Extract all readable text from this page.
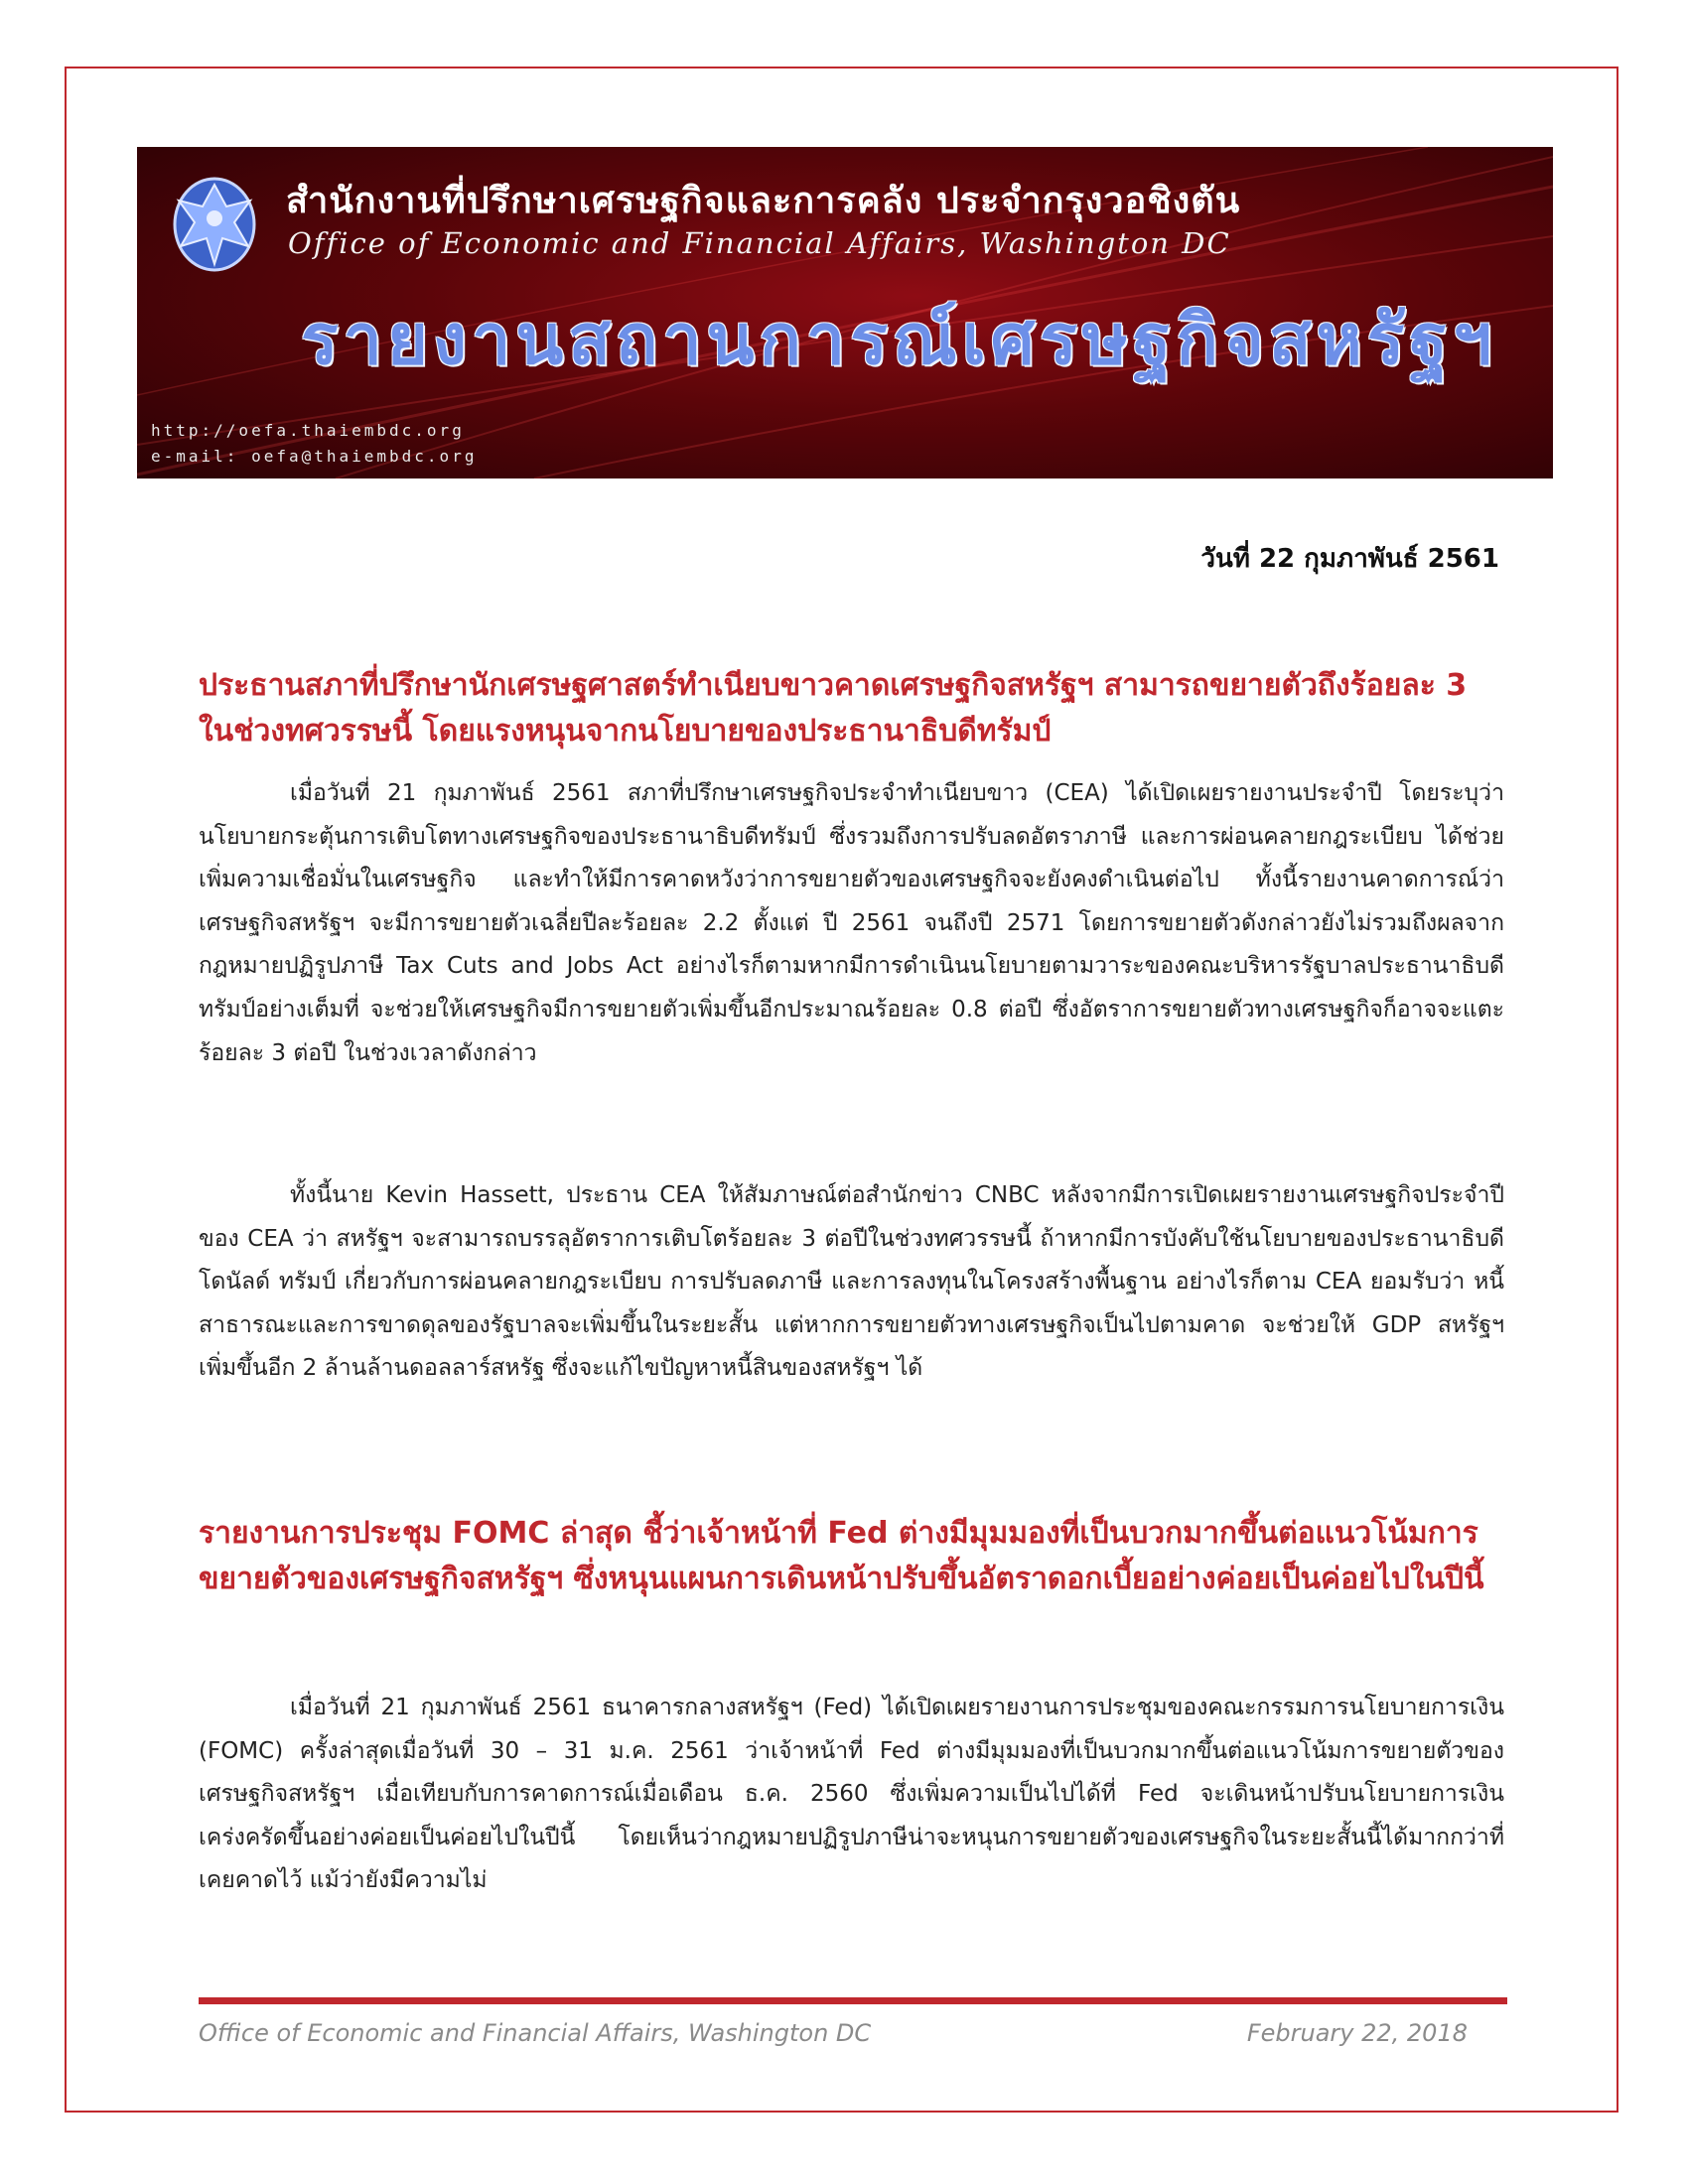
สำนักงานที่ปรึกษาเศรษฐกิจและการคลัง ประจำกรุงวอชิงตัน
Office of Economic and Financial Affairs, Washington DC
รายงานสถานการณ์เศรษฐกิจสหรัฐฯ
http://oefa.thaiembdc.org
e-mail: oefa@thaiembdc.org
วันที่ 22 กุมภาพันธ์ 2561
ประธานสภาที่ปรึกษานักเศรษฐศาสตร์ทำเนียบขาวคาดเศรษฐกิจสหรัฐฯ สามารถขยายตัวถึงร้อยละ 3 ในช่วงทศวรรษนี้ โดยแรงหนุนจากนโยบายของประธานาธิบดีทรัมป์
เมื่อวันที่ 21 กุมภาพันธ์ 2561 สภาที่ปรึกษาเศรษฐกิจประจำทำเนียบขาว (CEA) ได้เปิดเผยรายงานประจำปี โดยระบุว่า นโยบายกระตุ้นการเติบโตทางเศรษฐกิจของประธานาธิบดีทรัมป์ ซึ่งรวมถึงการปรับลดอัตราภาษี และการผ่อนคลายกฎระเบียบ ได้ช่วยเพิ่มความเชื่อมั่นในเศรษฐกิจ และทำให้มีการคาดหวังว่าการขยายตัวของเศรษฐกิจจะยังคงดำเนินต่อไป ทั้งนี้รายงานคาดการณ์ว่า เศรษฐกิจสหรัฐฯ จะมีการขยายตัวเฉลี่ยปีละร้อยละ 2.2 ตั้งแต่ ปี 2561 จนถึงปี 2571 โดยการขยายตัวดังกล่าวยังไม่รวมถึงผลจากกฎหมายปฏิรูปภาษี Tax Cuts and Jobs Act อย่างไรก็ตามหากมีการดำเนินนโยบายตามวาระของคณะบริหารรัฐบาลประธานาธิบดีทรัมป์อย่างเต็มที่ จะช่วยให้เศรษฐกิจมีการขยายตัวเพิ่มขึ้นอีกประมาณร้อยละ 0.8 ต่อปี ซึ่งอัตราการขยายตัวทางเศรษฐกิจก็อาจจะแตะร้อยละ 3 ต่อปี ในช่วงเวลาดังกล่าว
ทั้งนี้นาย Kevin Hassett, ประธาน CEA ให้สัมภาษณ์ต่อสำนักข่าว CNBC หลังจากมีการเปิดเผยรายงานเศรษฐกิจประจำปีของ CEA ว่า สหรัฐฯ จะสามารถบรรลุอัตราการเติบโตร้อยละ 3 ต่อปีในช่วงทศวรรษนี้ ถ้าหากมีการบังคับใช้นโยบายของประธานาธิบดีโดนัลด์ ทรัมป์ เกี่ยวกับการผ่อนคลายกฎระเบียบ การปรับลดภาษี และการลงทุนในโครงสร้างพื้นฐาน อย่างไรก็ตาม CEA ยอมรับว่า หนี้สาธารณะและการขาดดุลของรัฐบาลจะเพิ่มขึ้นในระยะสั้น แต่หากการขยายตัวทางเศรษฐกิจเป็นไปตามคาด จะช่วยให้ GDP สหรัฐฯ เพิ่มขึ้นอีก 2 ล้านล้านดอลลาร์สหรัฐ ซึ่งจะแก้ไขปัญหาหนี้สินของสหรัฐฯ ได้
รายงานการประชุม FOMC ล่าสุด ชี้ว่าเจ้าหน้าที่ Fed ต่างมีมุมมองที่เป็นบวกมากขึ้นต่อแนวโน้มการขยายตัวของเศรษฐกิจสหรัฐฯ ซึ่งหนุนแผนการเดินหน้าปรับขึ้นอัตราดอกเบี้ยอย่างค่อยเป็นค่อยไปในปีนี้
เมื่อวันที่ 21 กุมภาพันธ์ 2561 ธนาคารกลางสหรัฐฯ (Fed) ได้เปิดเผยรายงานการประชุมของคณะกรรมการนโยบายการเงิน (FOMC) ครั้งล่าสุดเมื่อวันที่ 30 – 31 ม.ค. 2561 ว่าเจ้าหน้าที่ Fed ต่างมีมุมมองที่เป็นบวกมากขึ้นต่อแนวโน้มการขยายตัวของเศรษฐกิจสหรัฐฯ เมื่อเทียบกับการคาดการณ์เมื่อเดือน ธ.ค. 2560 ซึ่งเพิ่มความเป็นไปได้ที่ Fed จะเดินหน้าปรับนโยบายการเงินเคร่งครัดขึ้นอย่างค่อยเป็นค่อยไปในปีนี้ โดยเห็นว่ากฎหมายปฏิรูปภาษีน่าจะหนุนการขยายตัวของเศรษฐกิจในระยะสั้นนี้ได้มากกว่าที่เคยคาดไว้ แม้ว่ายังมีความไม่
Office of Economic and Financial Affairs, Washington DC	February 22, 2018
